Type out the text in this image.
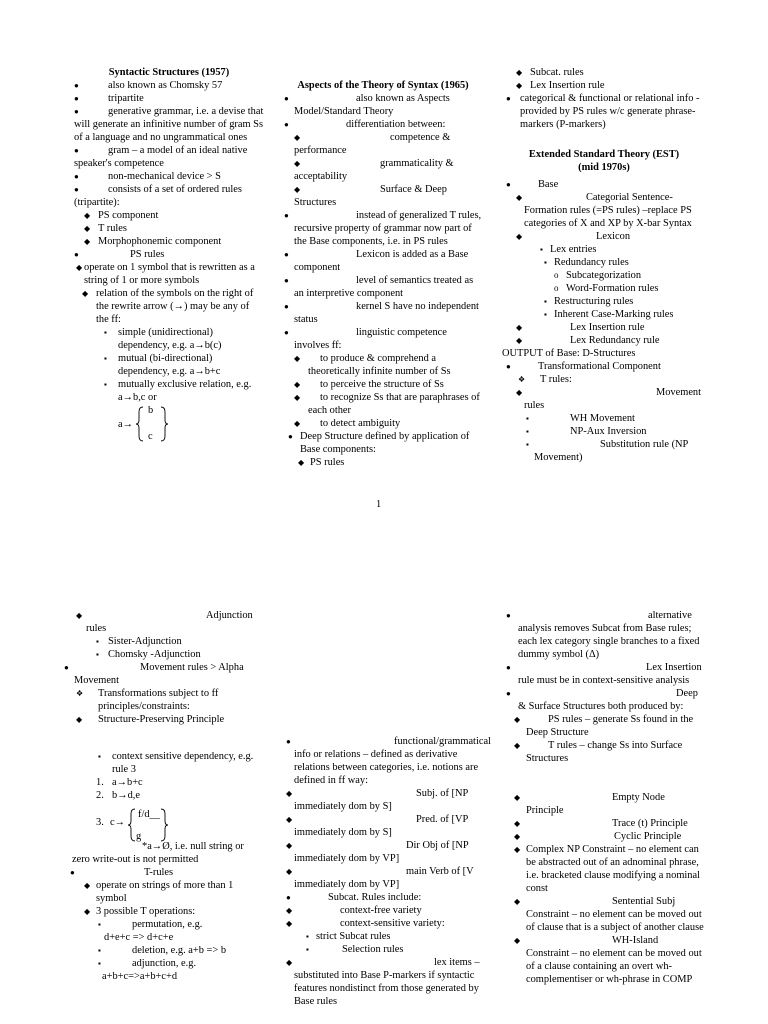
Syntactic Structures (1957)
●	also known as Chomsky 57
●	tripartite
●	generative grammar, i.e. a devise that will generate an infinitive number of gram Ss of a language and no ungrammatical ones
●	gram – a model of an ideal native speaker's competence
●	non-mechanical device > S
●	consists of a set of ordered rules (tripartite):
◆ PS component
◆ T rules
◆ Morphophonemic component
●	PS rules
◆ operate on 1 symbol that is rewritten as a string of 1 or more symbols
◆ relation of the symbols on the right of the rewrite arrow (→) may be any of the ff:
▪ simple (unidirectional) dependency, e.g. a→b(c)
▪ mutual (bi-directional) dependency, e.g. a→b+c
▪ mutually exclusive relation, e.g. a→b,c or
a→
b
c
Aspects of the Theory of Syntax (1965)
●	also known as Aspects Model/Standard Theory
●	differentiation between:
◆	competence & performance
◆	grammaticality & acceptability
◆	Surface & Deep Structures
●	instead of generalized T rules, recursive property of grammar now part of the Base components, i.e. in PS rules
●	Lexicon is added as a Base component
●	level of semantics treated as an interpretive component
●	kernel S have no independent status
●	linguistic competence involves ff:
◆	to produce & comprehend a theoretically infinite number of Ss
◆ to perceive the structure of Ss
◆	to recognize Ss that are paraphrases of each other
◆ to detect ambiguity
● Deep Structure defined by application of Base components:
◆ PS rules
◆ Subcat. rules
◆ Lex Insertion rule
● categorical & functional or relational info - provided by PS rules w/c generate phrase-markers (P-markers)
Extended Standard Theory (EST)
(mid 1970s)
●	Base
◆	Categorial Sentence-Formation rules (=PS rules) –replace PS categories of X and XP by X-bar Syntax
◆	Lexicon
▪ Lex entries
▪ Redundancy rules
o Subcategorization
o Word-Formation rules
▪ Restructuring rules
▪ Inherent Case-Marking rules
◆	Lex Insertion rule
◆	Lex Redundancy rule
OUTPUT of Base: D-Structures
●	Transformational Component
❖ T rules:
◆	Movement rules
▪	WH Movement
▪	NP-Aux Inversion
▪	Substitution rule (NP Movement)
1
◆	Adjunction rules
▪ Sister-Adjunction
▪ Chomsky -Adjunction
●	Movement rules > Alpha Movement
❖ Transformations subject to ff principles/constraints:
◆ Structure-Preserving Principle
▪ context sensitive dependency, e.g. rule 3
1. a→b+c
2. b→d,e
3. c→
f/d__
g
*a→Ø, i.e. null string or zero write-out is not permitted
●	T-rules
◆ operate on strings of more than 1 symbol
◆ 3 possible T operations:
▪	permutation, e.g.
d+e+c => d+c+e
▪	deletion, e.g. a+b => b
▪	adjunction, e.g.
a+b+c=>a+b+c+d
●	functional/grammatical info or relations – defined as derivative relations between categories, i.e. notions are defined in ff way:
◆	Subj. of [NP immediately dom by S]
◆	Pred. of [VP immediately dom by S]
◆	Dir Obj of [NP immediately dom by VP]
◆	main Verb of [V immediately dom by VP]
●	Subcat. Rules include:
◆	context-free variety
◆	context-sensitive variety:
▪ strict Subcat rules
▪	Selection rules
◆	lex items – substituted into Base P-markers if syntactic features nondistinct from those generated by Base rules
●	alternative analysis removes Subcat from Base rules; each lex category single branches to a fixed dummy symbol (Δ)
●	Lex Insertion rule must be in context-sensitive analysis
●	Deep & Surface Structures both produced by:
◆	PS rules – generate Ss found in the Deep Structure
◆	T rules – change Ss into Surface Structures
◆	Empty Node Principle
◆	Trace (t) Principle
◆	Cyclic Principle
◆ Complex NP Constraint – no element can be abstracted out of an adnominal phrase, i.e. bracketed clause modifying a nominal const
◆	Sentential Subj Constraint – no element can be moved out of clause that is a subject of another clause
◆	WH-Island Constraint – no element can be moved out of a clause containing an overt wh-complementiser or wh-phrase in COMP
